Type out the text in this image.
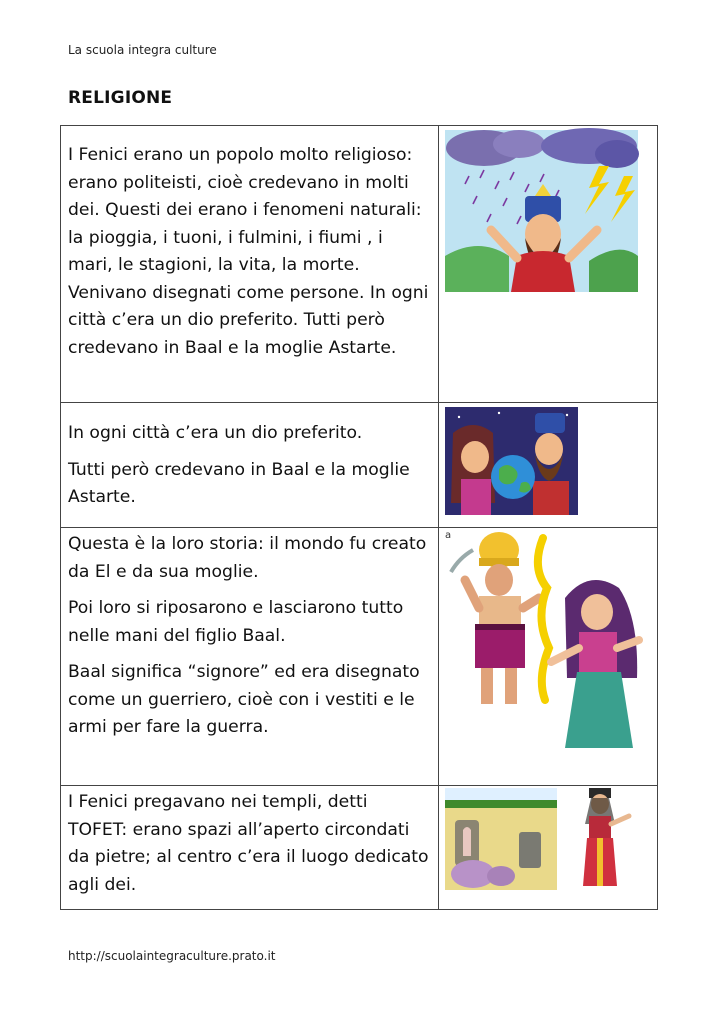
La scuola integra culture
RELIGIONE

I Fenici erano un popolo molto religioso: erano politeisti, cioè credevano in molti dei. Questi dei erano i fenomeni naturali: la pioggia, i tuoni, i fulmini, i fiumi , i mari, le stagioni, la vita, la morte. Venivano disegnati come persone. In ogni città c’era un dio preferito. Tutti però credevano in Baal e la moglie Astarte.

In ogni città c’era un dio preferito.

Tutti però credevano in Baal e la moglie Astarte.

Questa è la loro storia: il mondo fu creato da El e da sua moglie.

Poi loro si riposarono e lasciarono tutto nelle mani del figlio Baal.

Baal significa “signore” ed era disegnato come un guerriero, cioè con i vestiti e le armi per fare la guerra.	a

I Fenici pregavano nei templi, detti TOFET: erano spazi all’aperto circondati da pietre; al centro c’era il luogo dedicato agli dei.

http://scuolaintegraculture.prato.it
